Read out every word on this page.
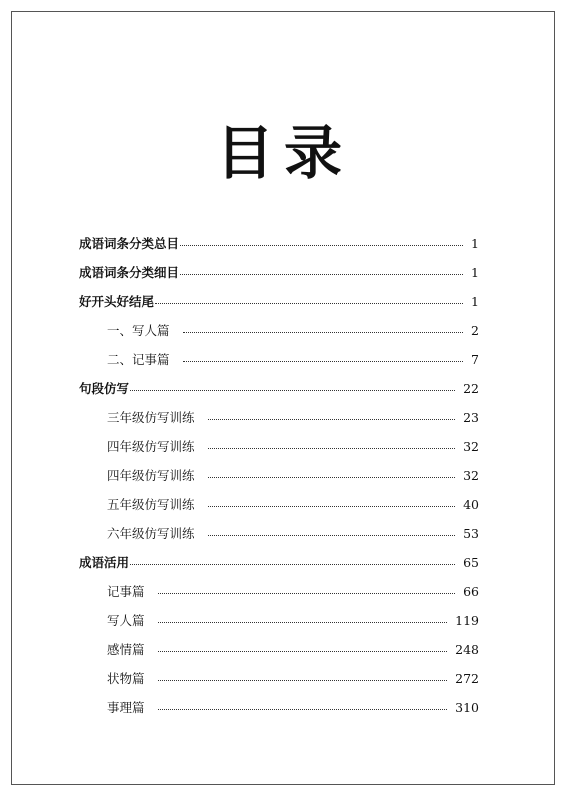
目录
成语词条分类总目	1
成语词条分类细目	1
好开头好结尾	1
一、写人篇	2
二、记事篇	7
句段仿写	22
三年级仿写训练	23
四年级仿写训练	32
四年级仿写训练	32
五年级仿写训练	40
六年级仿写训练	53
成语活用	65
记事篇	66
写人篇	119
感情篇	248
状物篇	272
事理篇	310
